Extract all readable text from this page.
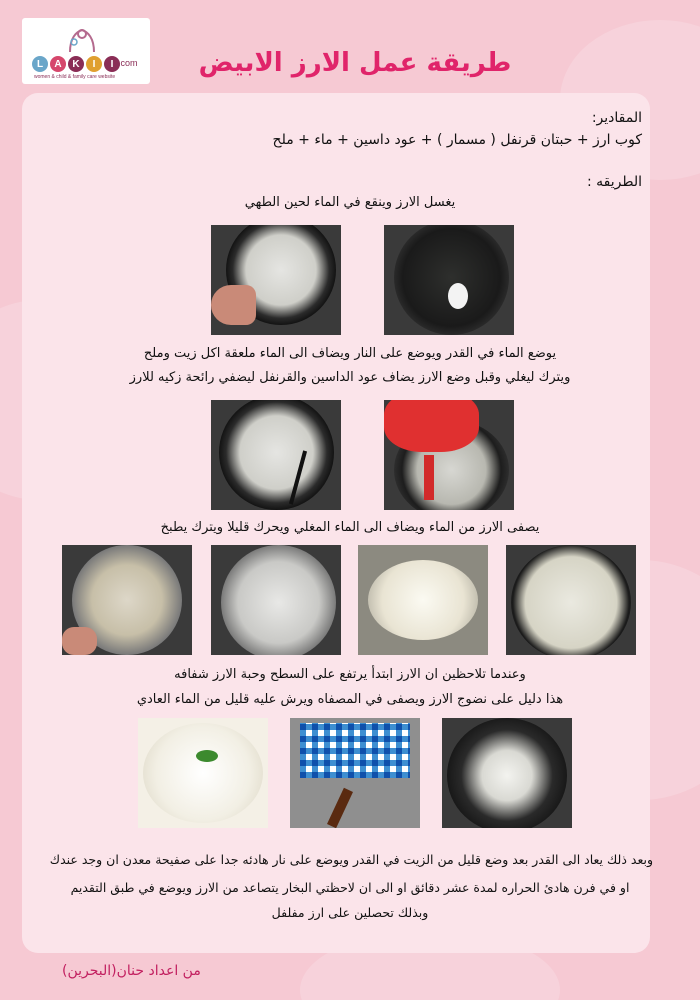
L	A	K	I	I .com
women & child & family care website	طريقة عمل الارز الابيض
المقادير:
كوب ارز + حبتان قرنفل ( مسمار ) + عود داسين + ماء + ملح
الطريقه :
يغسل الارز وينقع في الماء لحين الطهي
يوضع الماء في القدر ويوضع على النار ويضاف الى الماء ملعقة اكل زيت وملح
ويترك ليغلي وقبل وضع الارز يضاف عود الداسين والقرنفل ليضفي رائحة زكيه للارز
يصفى الارز من الماء ويضاف الى الماء المغلي ويحرك قليلا ويترك يطبخ
وعندما تلاحظين ان الارز ابتدأ يرتفع على السطح وحبة الارز شفافه
هذا دليل على نضوج الارز ويصفى في المصفاه ويرش عليه قليل من الماء العادي
وبعد ذلك يعاد الى القدر بعد وضع قليل من الزيت في القدر ويوضع على نار هادئه جدا على صفيحة معدن ان وجد عندك
او في فرن هادئ الحراره لمدة عشر دقائق او الى ان لاحظتي البخار يتصاعد من الارز ويوضع في طبق التقديم
وبذلك تحصلين على ارز مفلفل
من اعداد حنان(البحرين)
